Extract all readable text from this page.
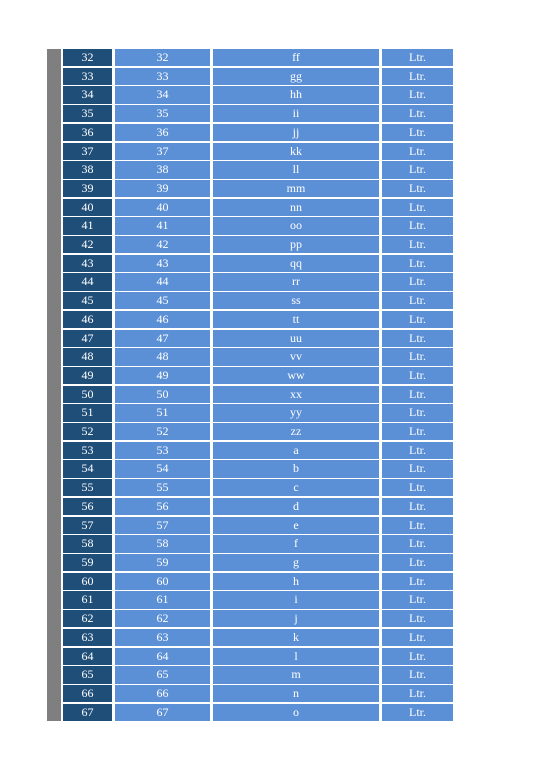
32	32	ff	Ltr.
33	33	gg	Ltr.
34	34	hh	Ltr.
35	35	ii	Ltr.
36	36	jj	Ltr.
37	37	kk	Ltr.
38	38	ll	Ltr.
39	39	mm	Ltr.
40	40	nn	Ltr.
41	41	oo	Ltr.
42	42	pp	Ltr.
43	43	qq	Ltr.
44	44	rr	Ltr.
45	45	ss	Ltr.
46	46	tt	Ltr.
47	47	uu	Ltr.
48	48	vv	Ltr.
49	49	ww	Ltr.
50	50	xx	Ltr.
51	51	yy	Ltr.
52	52	zz	Ltr.
53	53	a	Ltr.
54	54	b	Ltr.
55	55	c	Ltr.
56	56	d	Ltr.
57	57	e	Ltr.
58	58	f	Ltr.
59	59	g	Ltr.
60	60	h	Ltr.
61	61	i	Ltr.
62	62	j	Ltr.
63	63	k	Ltr.
64	64	l	Ltr.
65	65	m	Ltr.
66	66	n	Ltr.
67	67	o	Ltr.
